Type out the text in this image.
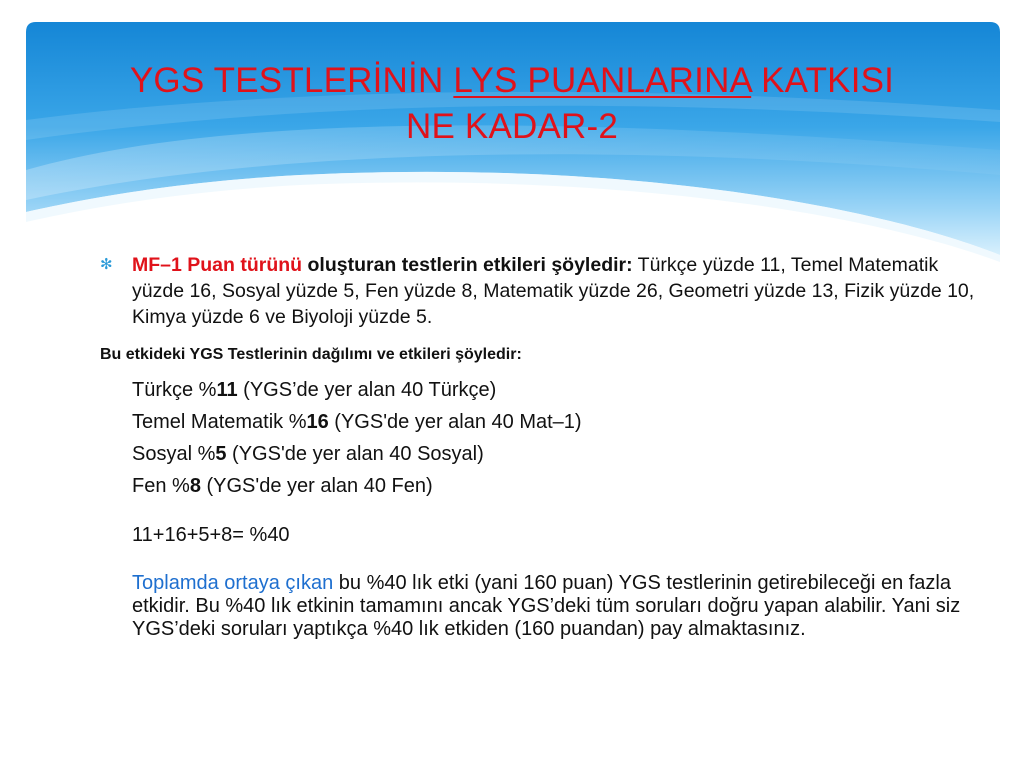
YGS TESTLERİNİN LYS PUANLARINA KATKISI
NE KADAR-2
✻ MF–1 Puan türünü oluşturan testlerin etkileri şöyledir: Türkçe yüzde 11, Temel Matematik yüzde 16, Sosyal yüzde 5, Fen yüzde 8, Matematik yüzde 26, Geometri yüzde 13, Fizik yüzde 10, Kimya yüzde 6 ve Biyoloji yüzde 5.
Bu etkideki YGS Testlerinin dağılımı ve etkileri şöyledir:
Türkçe %11 (YGS’de yer alan 40 Türkçe)
Temel Matematik %16 (YGS'de yer alan 40 Mat–1)
Sosyal %5 (YGS'de yer alan 40 Sosyal)
Fen %8 (YGS'de yer alan 40 Fen)
11+16+5+8= %40
Toplamda ortaya çıkan bu %40 lık etki (yani 160 puan) YGS testlerinin getirebileceği en fazla etkidir. Bu %40 lık etkinin tamamını ancak YGS’deki tüm soruları doğru yapan alabilir. Yani siz YGS’deki soruları yaptıkça %40 lık etkiden (160 puandan) pay almaktasınız.
